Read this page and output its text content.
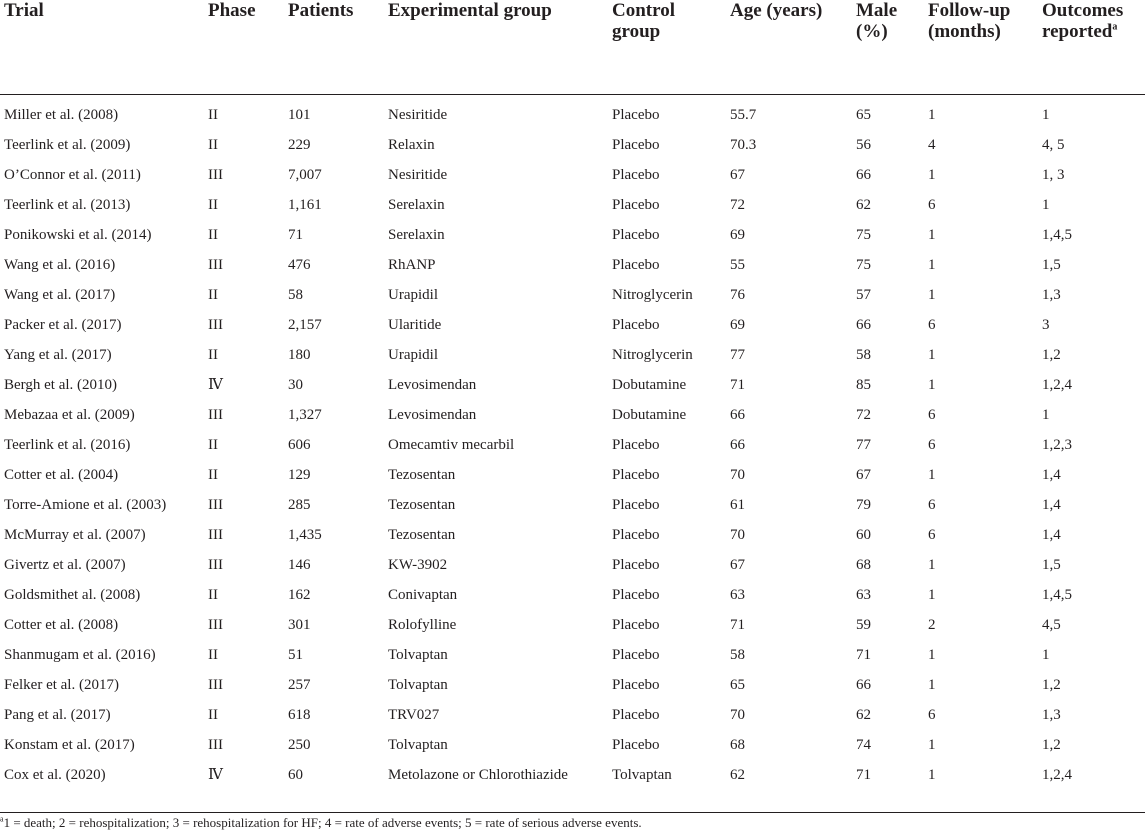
Trial	Phase	Patients	Experimental group	Control group	Age (years)	Male (%)	Follow-up (months)	Outcomes reported$^a$
Miller et al. (2008)	II	101	Nesiritide	Placebo	55.7	65	1	1
Teerlink et al. (2009)	II	229	Relaxin	Placebo	70.3	56	4	4, 5
O’Connor et al. (2011)	III	7,007	Nesiritide	Placebo	67	66	1	1, 3
Teerlink et al. (2013)	II	1,161	Serelaxin	Placebo	72	62	6	1
Ponikowski et al. (2014)	II	71	Serelaxin	Placebo	69	75	1	1,4,5
Wang et al. (2016)	III	476	RhANP	Placebo	55	75	1	1,5
Wang et al. (2017)	II	58	Urapidil	Nitroglycerin	76	57	1	1,3
Packer et al. (2017)	III	2,157	Ularitide	Placebo	69	66	6	3
Yang et al. (2017)	II	180	Urapidil	Nitroglycerin	77	58	1	1,2
Bergh et al. (2010)	Ⅳ	30	Levosimendan	Dobutamine	71	85	1	1,2,4
Mebazaa et al. (2009)	III	1,327	Levosimendan	Dobutamine	66	72	6	1
Teerlink et al. (2016)	II	606	Omecamtiv mecarbil	Placebo	66	77	6	1,2,3
Cotter et al. (2004)	II	129	Tezosentan	Placebo	70	67	1	1,4
Torre-Amione et al. (2003)	III	285	Tezosentan	Placebo	61	79	6	1,4
McMurray et al. (2007)	III	1,435	Tezosentan	Placebo	70	60	6	1,4
Givertz et al. (2007)	III	146	KW-3902	Placebo	67	68	1	1,5
Goldsmithet al. (2008)	II	162	Conivaptan	Placebo	63	63	1	1,4,5
Cotter et al. (2008)	III	301	Rolofylline	Placebo	71	59	2	4,5
Shanmugam et al. (2016)	II	51	Tolvaptan	Placebo	58	71	1	1
Felker et al. (2017)	III	257	Tolvaptan	Placebo	65	66	1	1,2
Pang et al. (2017)	II	618	TRV027	Placebo	70	62	6	1,3
Konstam et al. (2017)	III	250	Tolvaptan	Placebo	68	74	1	1,2
Cox et al. (2020)	Ⅳ	60	Metolazone or Chlorothiazide	Tolvaptan	62	71	1	1,2,4
$^a$1 = death; 2 = rehospitalization; 3 = rehospitalization for HF; 4 = rate of adverse events; 5 = rate of serious adverse events.
